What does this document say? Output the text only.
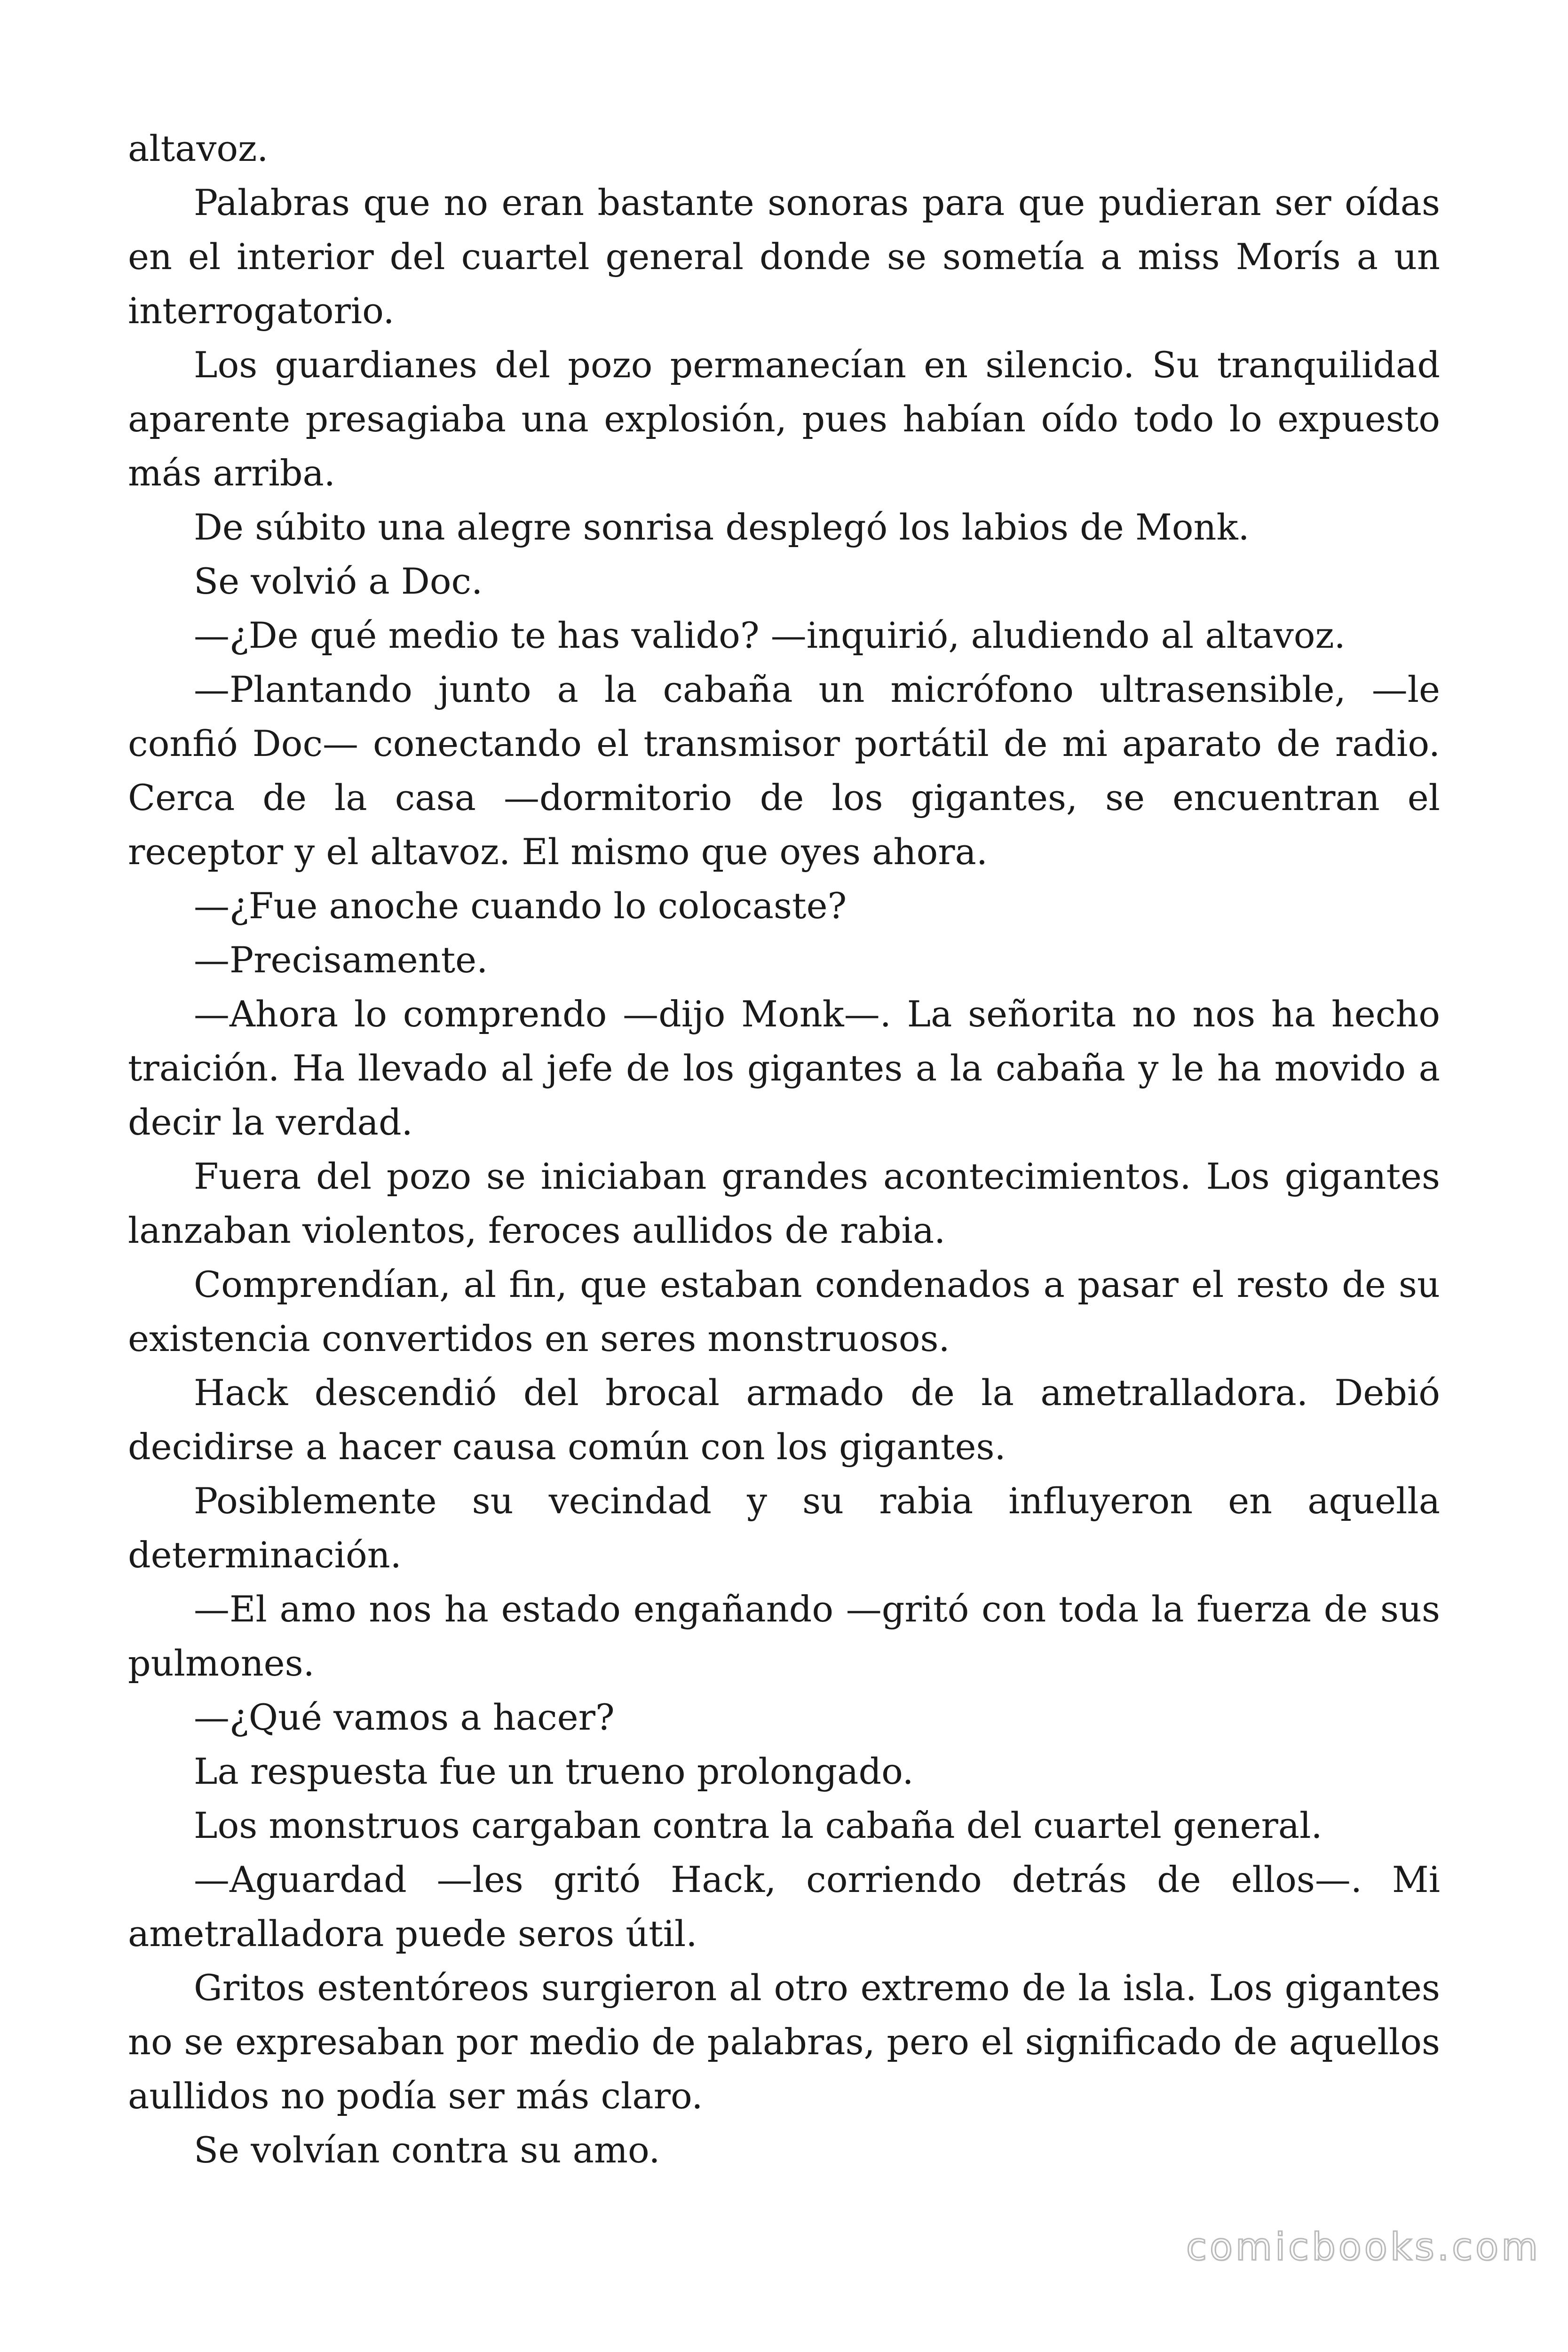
altavoz.

Palabras que no eran bastante sonoras para que pudieran ser oídas en el interior del cuartel general donde se sometía a miss Morís a un interrogatorio.

Los guardianes del pozo permanecían en silencio. Su tranquilidad aparente presagiaba una explosión, pues habían oído todo lo expuesto más arriba.

De súbito una alegre sonrisa desplegó los labios de Monk.

Se volvió a Doc.

—¿De qué medio te has valido? —inquirió, aludiendo al altavoz.

—Plantando junto a la cabaña un micrófono ultrasensible, —le confió Doc— conectando el transmisor portátil de mi aparato de radio. Cerca de la casa —dormitorio de los gigantes, se encuentran el receptor y el altavoz. El mismo que oyes ahora.

—¿Fue anoche cuando lo colocaste?

—Precisamente.

—Ahora lo comprendo —dijo Monk—. La señorita no nos ha hecho traición. Ha llevado al jefe de los gigantes a la cabaña y le ha movido a decir la verdad.

Fuera del pozo se iniciaban grandes acontecimientos. Los gigantes lanzaban violentos, feroces aullidos de rabia.

Comprendían, al fin, que estaban condenados a pasar el resto de su existencia convertidos en seres monstruosos.

Hack descendió del brocal armado de la ametralladora. Debió decidirse a hacer causa común con los gigantes.

Posiblemente su vecindad y su rabia influyeron en aquella determinación.

—El amo nos ha estado engañando —gritó con toda la fuerza de sus pulmones.

—¿Qué vamos a hacer?

La respuesta fue un trueno prolongado.

Los monstruos cargaban contra la cabaña del cuartel general.

—Aguardad —les gritó Hack, corriendo detrás de ellos—. Mi ametralladora puede seros útil.

Gritos estentóreos surgieron al otro extremo de la isla. Los gigantes no se expresaban por medio de palabras, pero el significado de aquellos aullidos no podía ser más claro.

Se volvían contra su amo.

comicbooks.com
